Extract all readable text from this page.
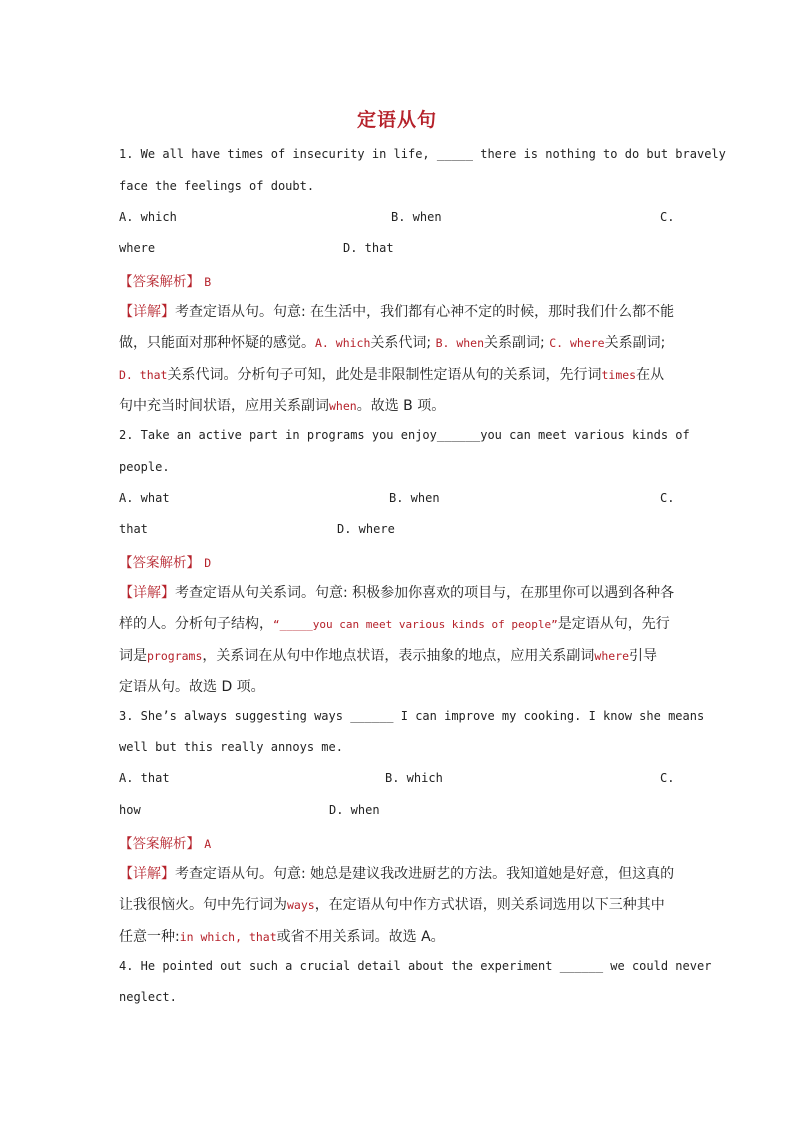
定语从句
1. We all have times of insecurity in life, _____ there is nothing to do but bravely
face the feelings of doubt.
A. which	B. when	C.
where	D. that
【答案解析】 B
【详解】考查定语从句。句意: 在生活中，我们都有心神不定的时候，那时我们什么都不能
做，只能面对那种怀疑的感觉。A. which关系代词; B. when关系副词; C. where关系副词;
D. that关系代词。分析句子可知，此处是非限制性定语从句的关系词，先行词times在从
句中充当时间状语，应用关系副词when。故选 B 项。
2. Take an active part in programs you enjoy______you can meet various kinds of
people.
A. what	B. when	C.
that	D. where
【答案解析】 D
【详解】考查定语从句关系词。句意: 积极参加你喜欢的项目与，在那里你可以遇到各种各
样的人。分析句子结构，“_____you can meet various kinds of people”是定语从句，先行
词是programs，关系词在从句中作地点状语，表示抽象的地点，应用关系副词where引导
定语从句。故选 D 项。
3. She’s always suggesting ways ______ I can improve my cooking. I know she means
well but this really annoys me.
A. that	B. which	C.
how	D. when
【答案解析】 A
【详解】考查定语从句。句意: 她总是建议我改进厨艺的方法。我知道她是好意，但这真的
让我很恼火。句中先行词为ways，在定语从句中作方式状语，则关系词选用以下三种其中
任意一种:in which, that或省不用关系词。故选 A。
4. He pointed out such a crucial detail about the experiment ______ we could never
neglect.
